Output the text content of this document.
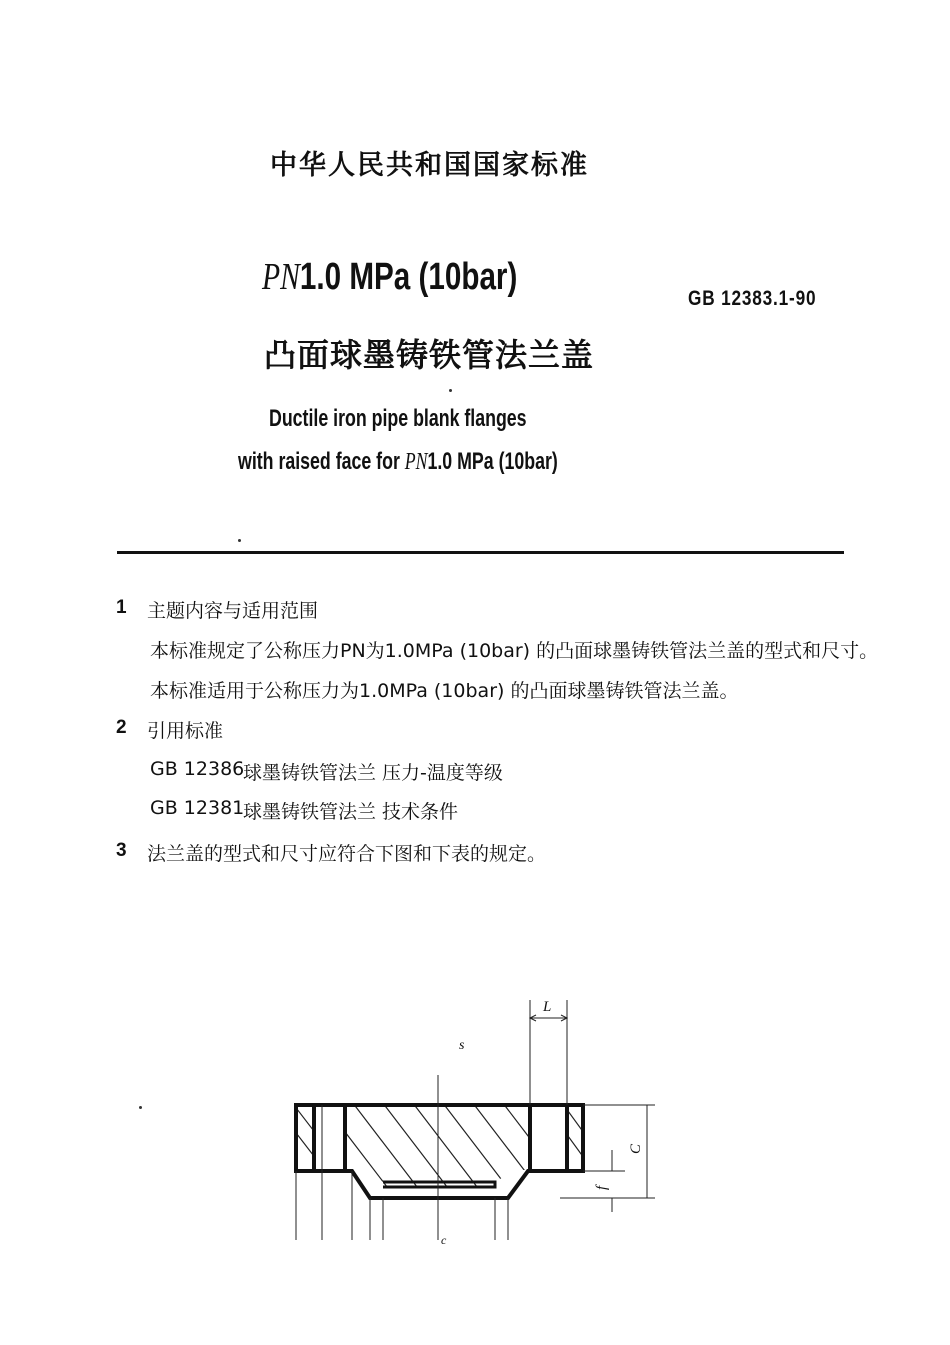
中华人民共和国国家标准
PN1.0 MPa (10bar)
GB 12383.1-90
凸面球墨铸铁管法兰盖
Ductile iron pipe blank flanges
with raised face for PN1.0 MPa (10bar)
1 主题内容与适用范围
本标准规定了公称压力PN为1.0MPa (10bar) 的凸面球墨铸铁管法兰盖的型式和尺寸。
本标准适用于公称压力为1.0MPa (10bar) 的凸面球墨铸铁管法兰盖。
2 引用标准
GB 12386
球墨铸铁管法兰 压力-温度等级
GB 12381
球墨铸铁管法兰 技术条件
3 法兰盖的型式和尺寸应符合下图和下表的规定。
L
s
C
f
c
